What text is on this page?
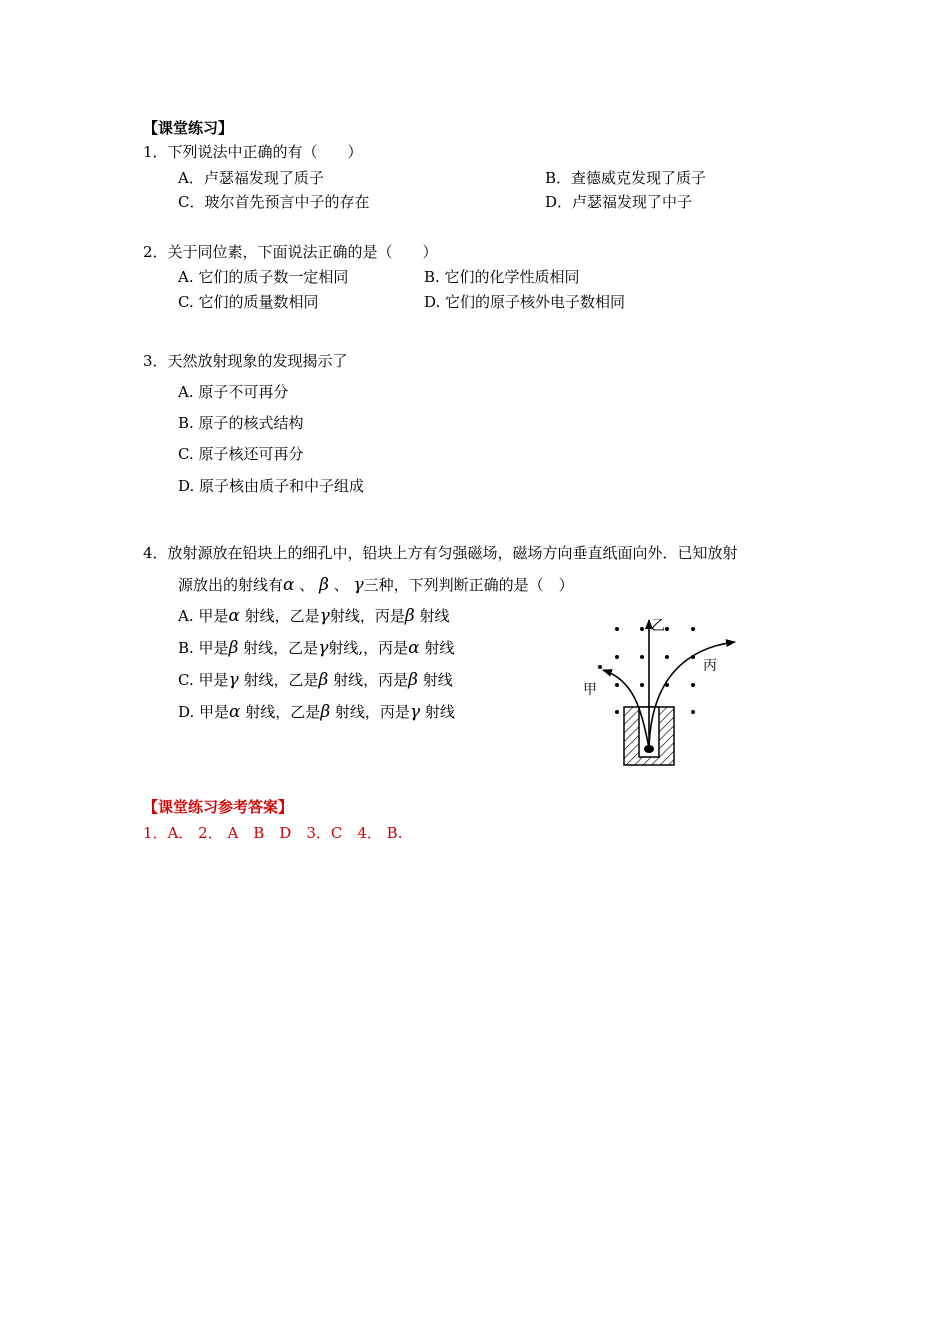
【课堂练习】
1．下列说法中正确的有（　　）
A．卢瑟福发现了质子	B．查德威克发现了质子
C．玻尔首先预言中子的存在	D．卢瑟福发现了中子
2．关于同位素，下面说法正确的是（　　）
A. 它们的质子数一定相同	B. 它们的化学性质相同
C. 它们的质量数相同	D. 它们的原子核外电子数相同
3．天然放射现象的发现揭示了
A. 原子不可再分
B. 原子的核式结构
C. 原子核还可再分
D. 原子核由质子和中子组成
4．放射源放在铅块上的细孔中，铅块上方有匀强磁场，磁场方向垂直纸面向外．已知放射
源放出的射线有α 、 β 、 γ三种，下列判断正确的是（　）
A. 甲是α 射线，乙是γ射线，丙是β 射线
B. 甲是β 射线，乙是γ射线,，丙是α 射线
C. 甲是γ 射线，乙是β 射线，丙是β 射线
D. 甲是α 射线，乙是β 射线，丙是γ 射线
甲
乙
丙
【课堂练习参考答案】
1．A． 2． A　B　D　3．C　4． B.
